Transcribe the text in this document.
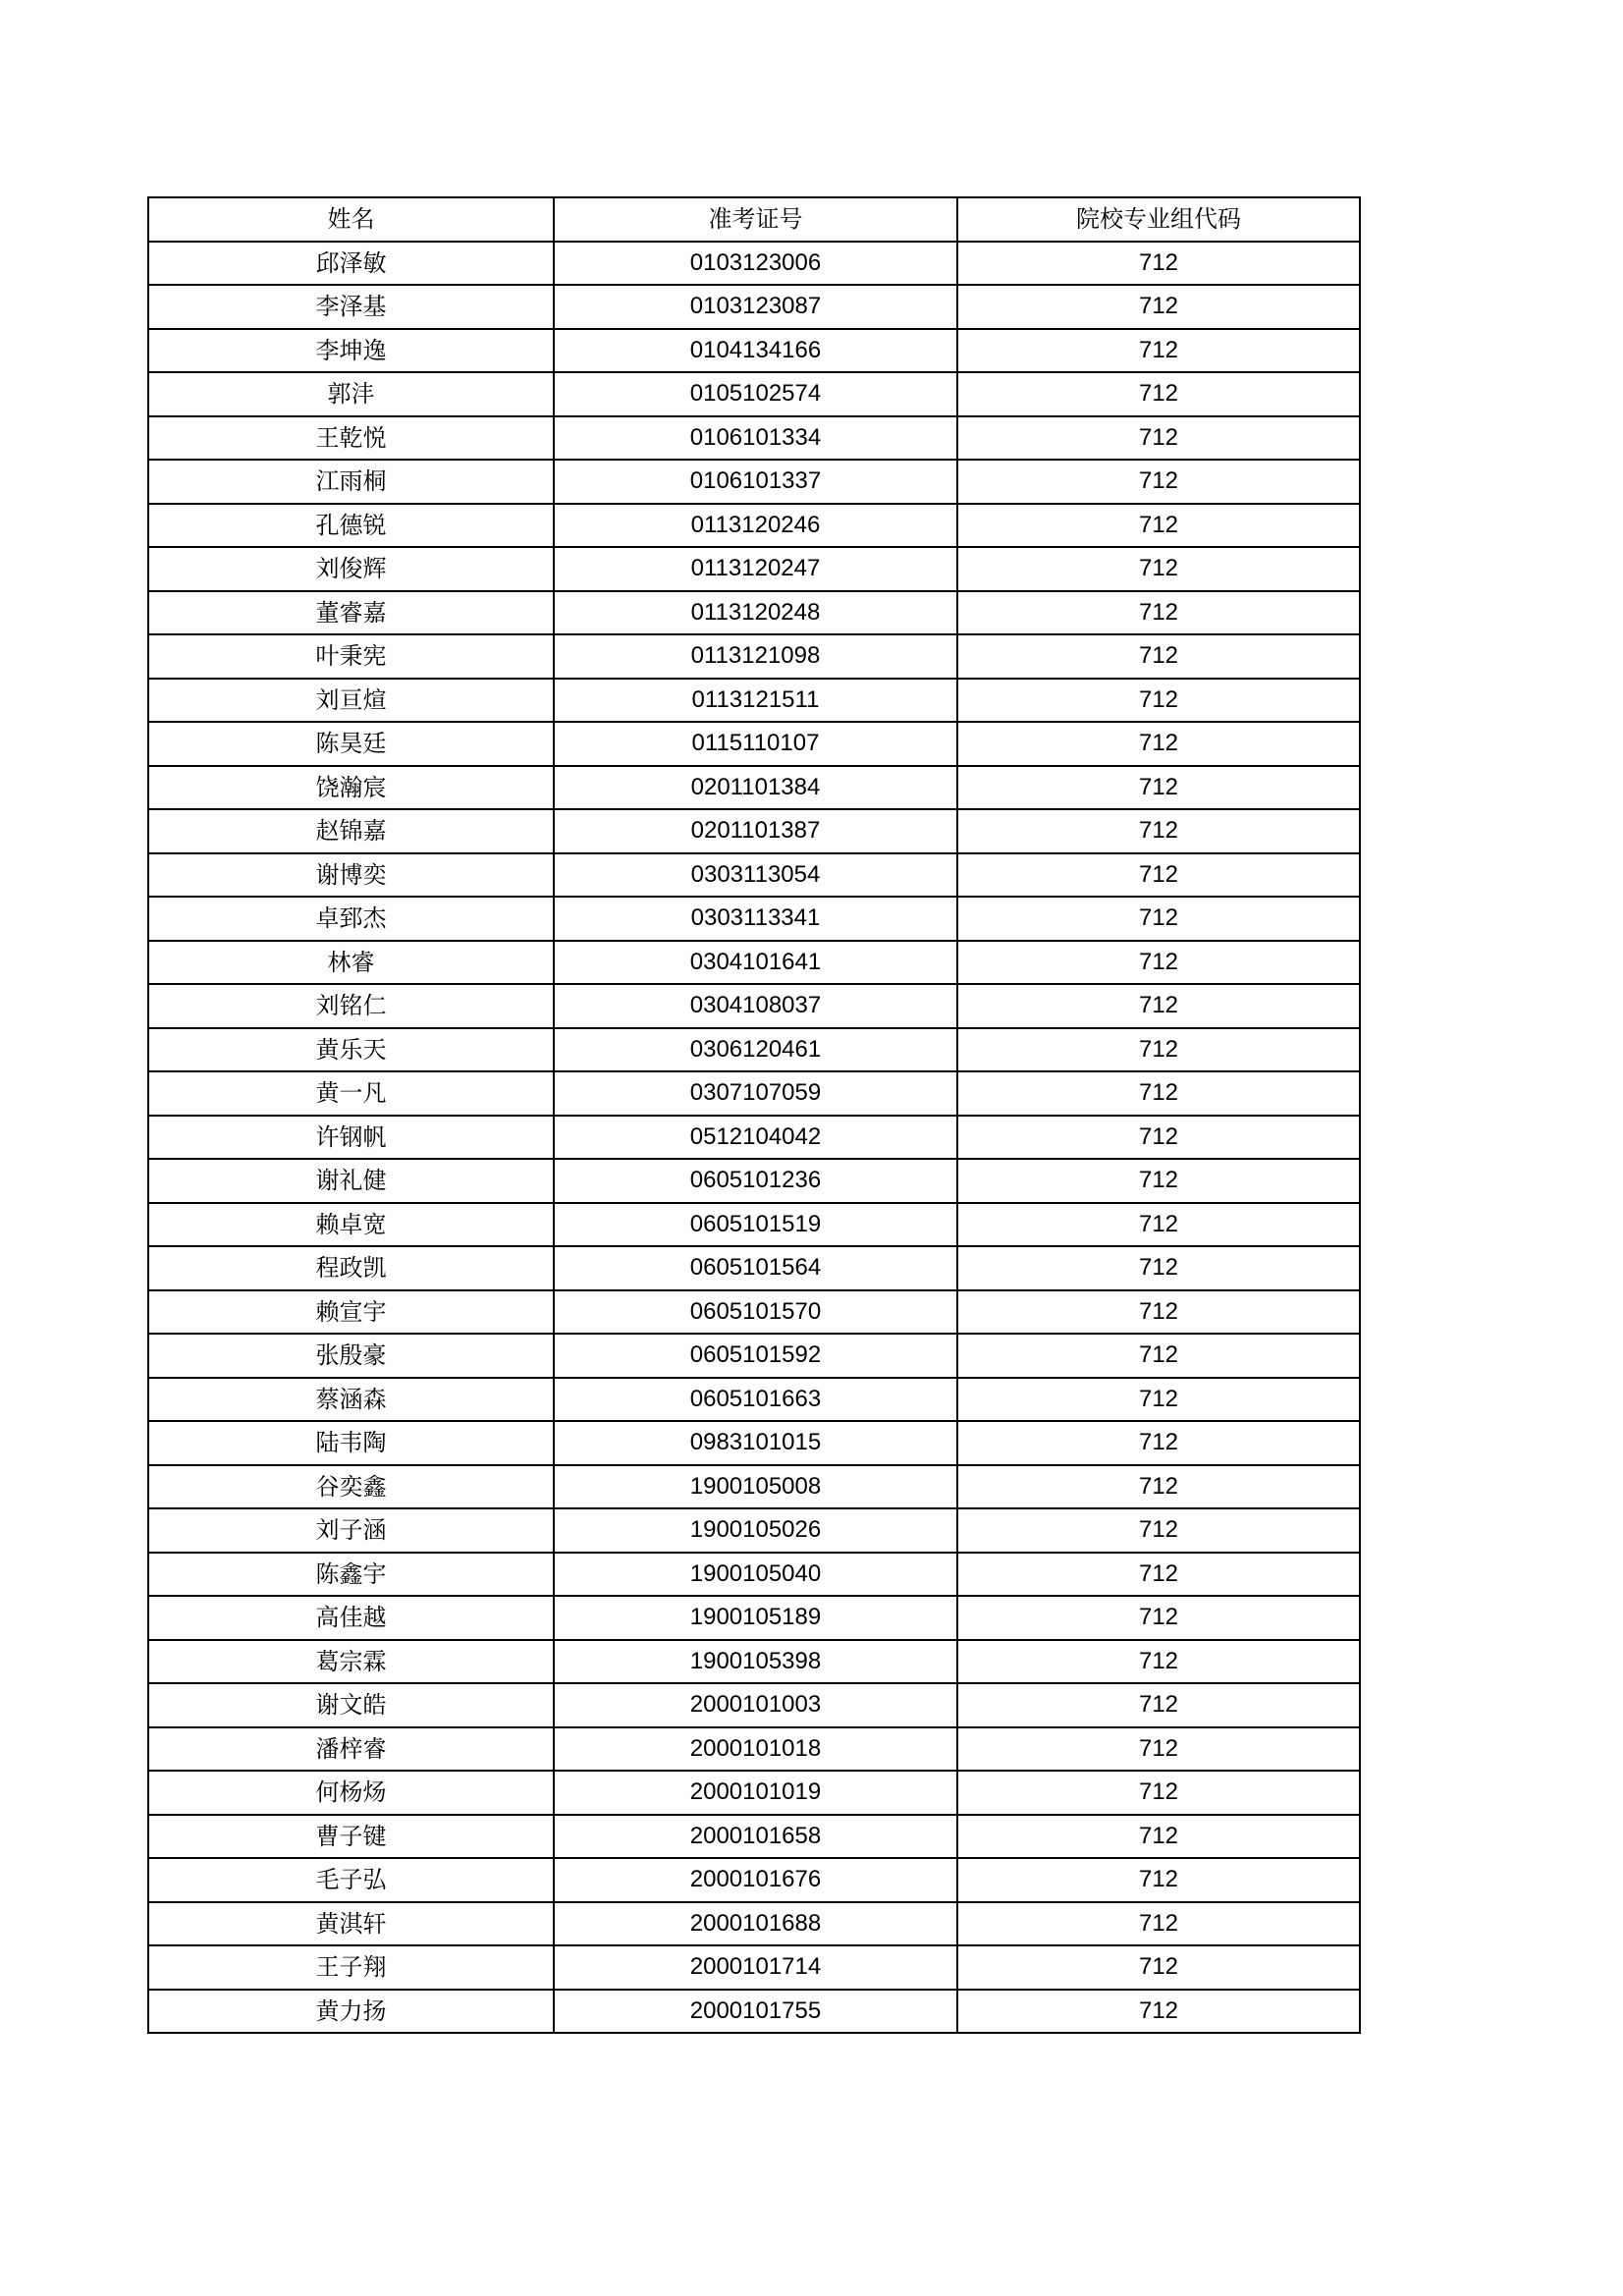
姓名	准考证号	院校专业组代码
邱泽敏	0103123006	712
李泽基	0103123087	712
李坤逸	0104134166	712
郭沣	0105102574	712
王乾悦	0106101334	712
江雨桐	0106101337	712
孔德锐	0113120246	712
刘俊辉	0113120247	712
董睿嘉	0113120248	712
叶秉宪	0113121098	712
刘亘煊	0113121511	712
陈昊廷	0115110107	712
饶瀚宸	0201101384	712
赵锦嘉	0201101387	712
谢博奕	0303113054	712
卓郅杰	0303113341	712
林睿	0304101641	712
刘铭仁	0304108037	712
黄乐天	0306120461	712
黄一凡	0307107059	712
许钢帆	0512104042	712
谢礼健	0605101236	712
赖卓宽	0605101519	712
程政凯	0605101564	712
赖宣宇	0605101570	712
张殷豪	0605101592	712
蔡涵森	0605101663	712
陆韦陶	0983101015	712
谷奕鑫	1900105008	712
刘子涵	1900105026	712
陈鑫宇	1900105040	712
高佳越	1900105189	712
葛宗霖	1900105398	712
谢文皓	2000101003	712
潘梓睿	2000101018	712
何杨炀	2000101019	712
曹子键	2000101658	712
毛子弘	2000101676	712
黄淇轩	2000101688	712
王子翔	2000101714	712
黄力扬	2000101755	712
